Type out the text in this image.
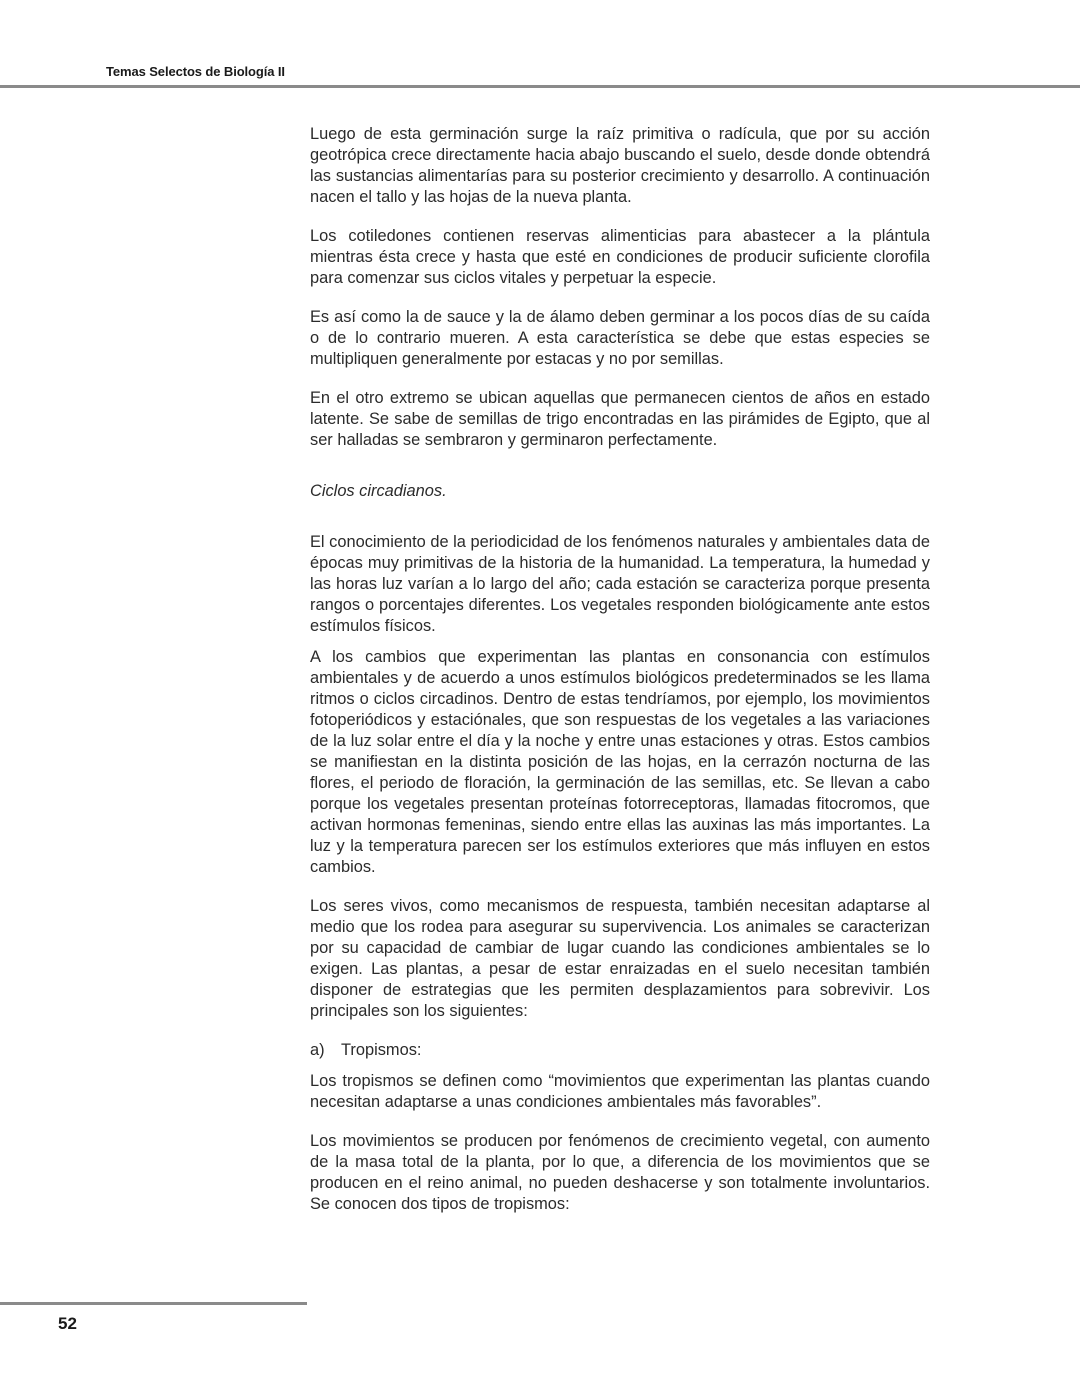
Temas Selectos de Biología II

Luego de esta germinación surge la raíz primitiva o radícula, que por su acción geotrópica crece directamente hacia abajo buscando el suelo, desde donde obtendrá las sustancias alimentarías para su posterior crecimiento y desarrollo. A continuación nacen el tallo y las hojas de la nueva planta.

Los cotiledones contienen reservas alimenticias para abastecer a la plántula mientras ésta crece y hasta que esté en condiciones de producir suficiente clorofila para comenzar sus ciclos vitales y perpetuar la especie.

Es así como la de sauce y la de álamo deben germinar a los pocos días de su caída o de lo contrario mueren. A esta característica se debe que estas especies se multipliquen generalmente por estacas y no por semillas.

En el otro extremo se ubican aquellas que permanecen cientos de años en estado latente. Se sabe de semillas de trigo encontradas en las pirámides de Egipto, que al ser halladas se sembraron y germinaron perfectamente.

Ciclos circadianos.

El conocimiento de la periodicidad de los fenómenos naturales y ambientales data de épocas muy primitivas de la historia de la humanidad. La temperatura, la humedad y las horas luz varían a lo largo del año; cada estación se caracteriza porque presenta rangos o porcentajes diferentes. Los vegetales responden biológicamente ante estos estímulos físicos.

A los cambios que experimentan las plantas en consonancia con estímulos ambientales y de acuerdo a unos estímulos biológicos predeterminados se les llama ritmos o ciclos circadinos. Dentro de estas tendríamos, por ejemplo, los movimientos fotoperiódicos y estaciónales, que son respuestas de los vegetales a las variaciones de la luz solar entre el día y la noche y entre unas estaciones y otras. Estos cambios se manifiestan en la distinta posición de las hojas, en la cerrazón nocturna de las flores, el periodo de floración, la germinación de las semillas, etc. Se llevan a cabo porque los vegetales presentan proteínas fotorreceptoras, llamadas fitocromos, que activan hormonas femeninas, siendo entre ellas las auxinas las más importantes. La luz y la temperatura parecen ser los estímulos exteriores que más influyen en estos cambios.

Los seres vivos, como mecanismos de respuesta, también necesitan adaptarse al medio que los rodea para asegurar su supervivencia. Los animales se caracterizan por su capacidad de cambiar de lugar cuando las condiciones ambientales se lo exigen. Las plantas, a pesar de estar enraizadas en el suelo necesitan también disponer de estrategias que les permiten desplazamientos para sobrevivir. Los principales son los siguientes:

a)	Tropismos:

Los tropismos se definen como “movimientos que experimentan las plantas cuando necesitan adaptarse a unas condiciones ambientales más favorables”.

Los movimientos se producen por fenómenos de crecimiento vegetal, con aumento de la masa total de la planta, por lo que, a diferencia de los movimientos que se producen en el reino animal, no pueden deshacerse y son totalmente involuntarios. Se conocen dos tipos de tropismos:

52
